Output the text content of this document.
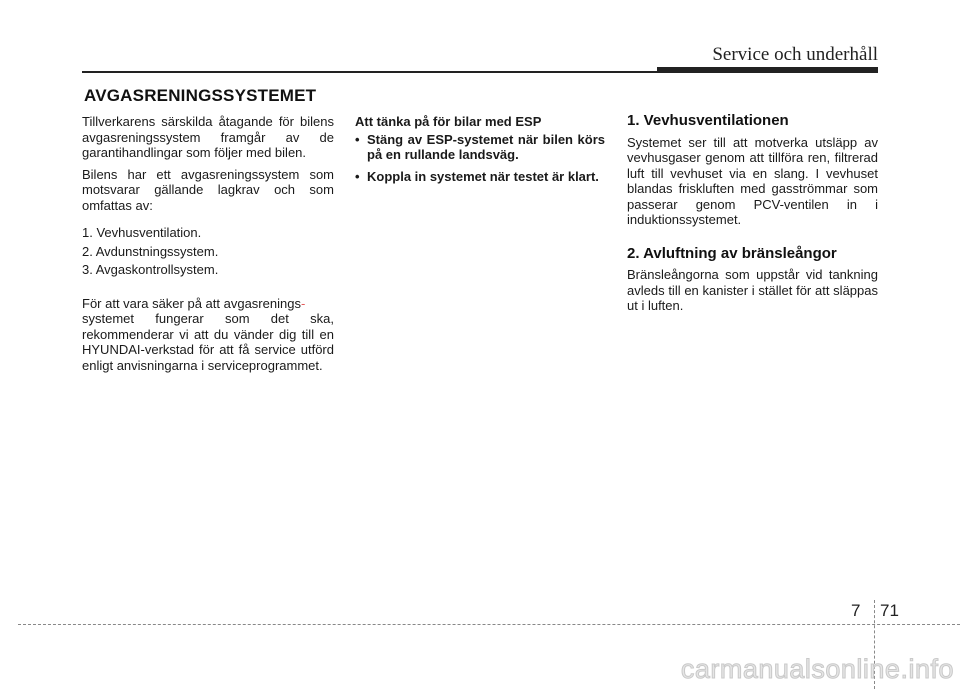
Service och underhåll
AVGASRENINGSSYSTEMET

Tillverkarens särskilda åtagande för bilens avgasreningssystem framgår av de garantihandlingar som följer med bilen.

Bilens har ett avgasreningssystem som motsvarar gällande lagkrav och som omfattas av:

1. Vevhusventilation.
2. Avdunstningssystem.
3. Avgaskontrollsystem.

För att vara säker på att avgasrenings-
systemet fungerar som det ska, rekommenderar vi att du vänder dig till en HYUNDAI-verkstad för att få service utförd enligt anvisningarna i serviceprogrammet.

Att tänka på för bilar med ESP

• Stäng av ESP-systemet när bilen körs på en rullande landsväg.
• Koppla in systemet när testet är klart.
1. Vevhusventilationen

Systemet ser till att motverka utsläpp av vevhusgaser genom att tillföra ren, filtrerad luft till vevhuset via en slang. I vevhuset blandas friskluften med gasströmmar som passerar genom PCV-ventilen in i induktionssystemet.

2. Avluftning av bränsleångor

Bränsleångorna som uppstår vid tankning avleds till en kanister i stället för att släppas ut i luften.

7 71
carmanualsonline.info
